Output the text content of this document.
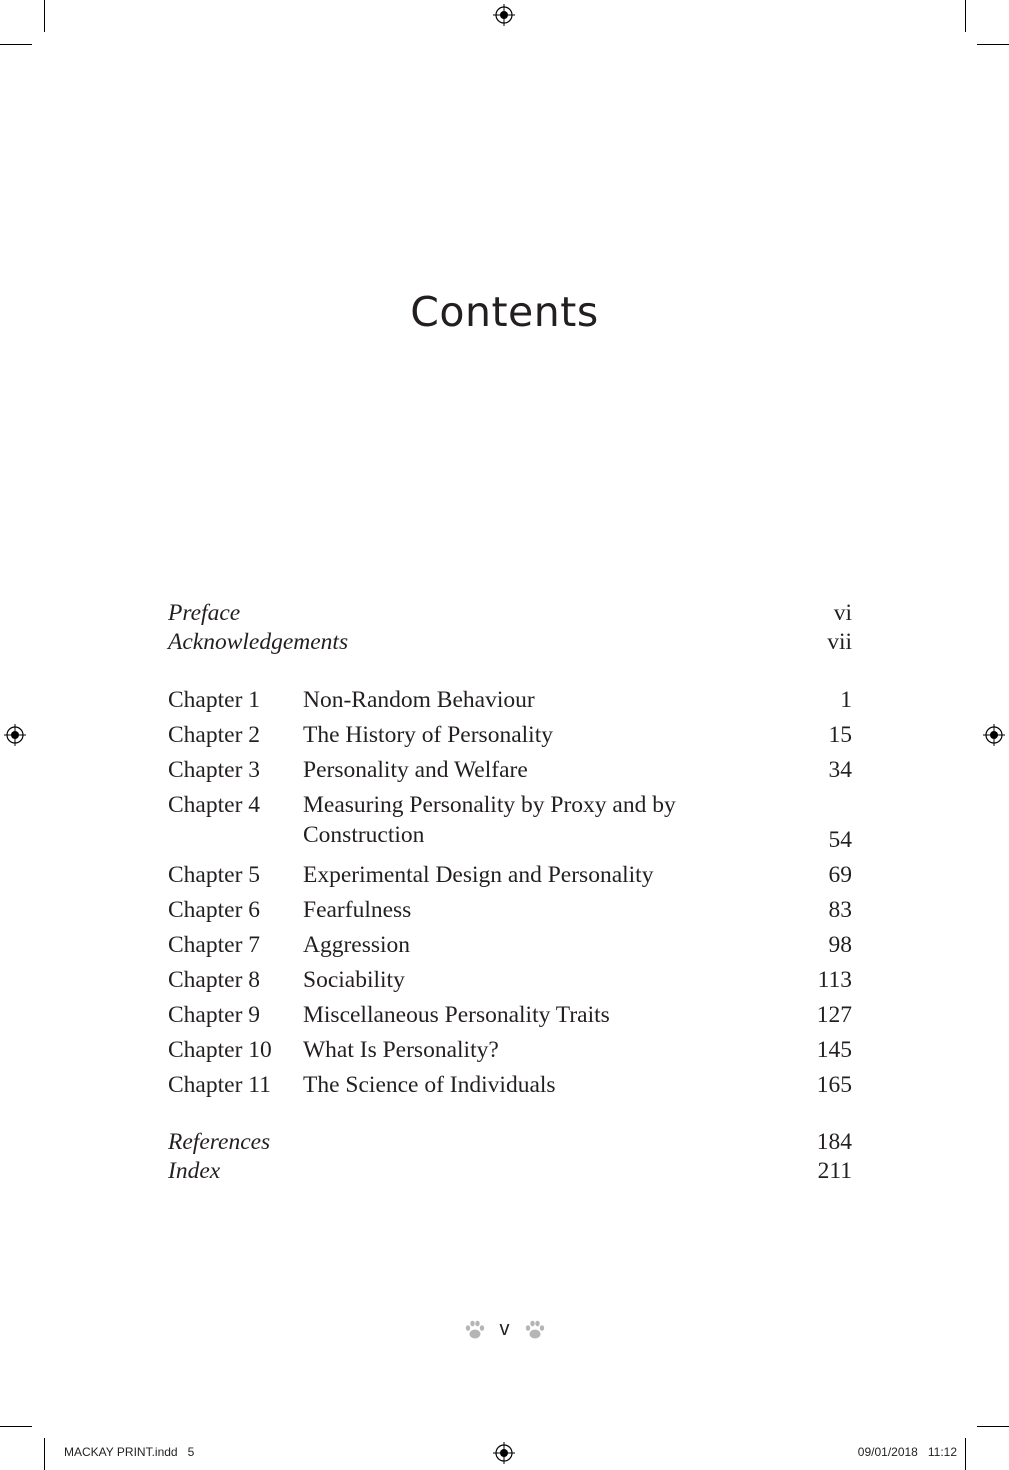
Contents
Preface	vi
Acknowledgements	vii
Chapter 1 Non-Random Behaviour	1
Chapter 2 The History of Personality	15
Chapter 3 Personality and Welfare	34
Chapter 4 Measuring Personality by Proxy and by Construction	54
Chapter 5 Experimental Design and Personality	69
Chapter 6 Fearfulness	83
Chapter 7 Aggression	98
Chapter 8 Sociability	113
Chapter 9 Miscellaneous Personality Traits	127
Chapter 10 What Is Personality?	145
Chapter 11 The Science of Individuals	165
References	184
Index	211
v
MACKAY PRINT.indd   5	09/01/2018   11:12
